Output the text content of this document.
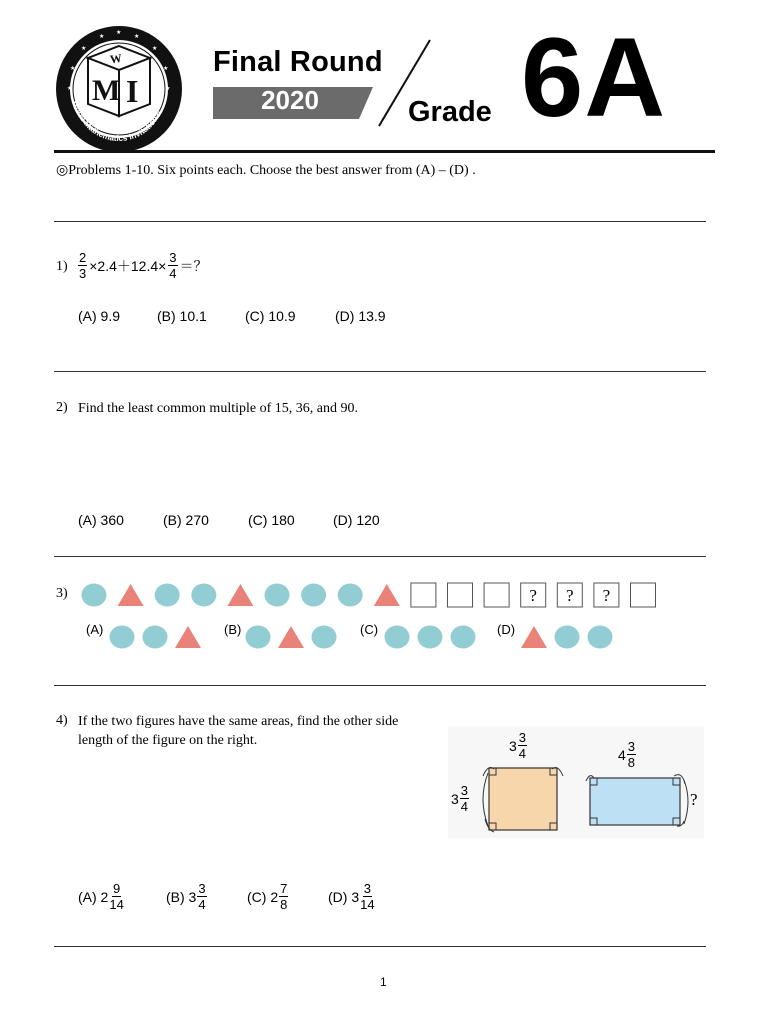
★
★
★
★
★
★
★
★
★
World Mathematics Invitational
W
M I
Final Round
2020	Grade 6A
◎Problems 1-10. Six points each. Choose the best answer from (A) – (D) .
$1) \frac{2}{3} \times 2.4+12.4\times \frac{3}{4}$ ＝？
(A) 9.9	(B) 10.1	(C) 10.9	(D) 13.9
2) Find the least common multiple of 15, 36, and 90.
(A) 360	(B) 270	(C) 180	(D) 120
3)	? ? ?
(A)	(B)	(C)	(D)
4) If the two figures have the same areas, find the other side
length of the figure on the right.	$3 \frac{3}{4}$
$3 \frac{3}{4}$
$4 \frac{3}{8}$
?
(A) $2 \frac{9}{14}$	(B) $3 \frac{3}{4}$	(C) $2 \frac{7}{8}$	(D) $3 \frac{3}{14}$
1
